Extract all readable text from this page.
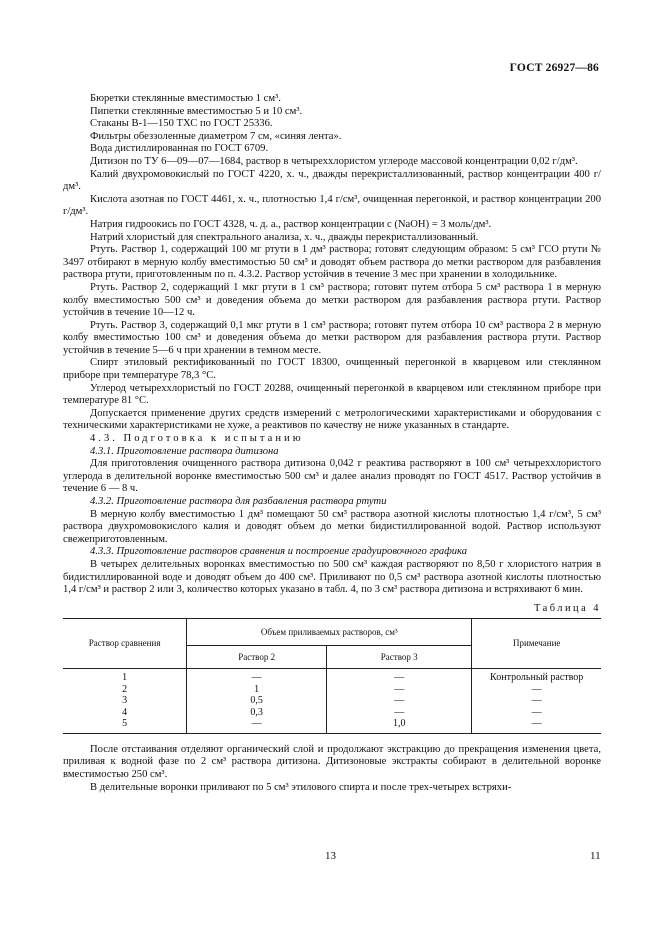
ГОСТ 26927—86

Бюретки стеклянные вместимостью 1 см³.

Пипетки стеклянные вместимостью 5 и 10 см³.

Стаканы В-1—150 ТХС по ГОСТ 25336.

Фильтры обеззоленные диаметром 7 см, «синяя лента».

Вода дистиллированная по ГОСТ 6709.

Дитизон по ТУ 6—09—07—1684, раствор в четыреххлористом углероде массовой концентрации 0,02 г/дм³.

Калий двухромовокислый по ГОСТ 4220, х. ч., дважды перекристаллизованный, раствор концентрации 400 г/дм³.

Кислота азотная по ГОСТ 4461, х. ч., плотностью 1,4 г/см³, очищенная перегонкой, и раствор концентрации 200 г/дм³.

Натрия гидроокись по ГОСТ 4328, ч. д. а., раствор концентрации с (NaOH) = 3 моль/дм³.

Натрий хлористый для спектрального анализа, х. ч., дважды перекристаллизованный.

Ртуть. Раствор 1, содержащий 100 мг ртути в 1 дм³ раствора; готовят следующим образом: 5 см³ ГСО ртути № 3497 отбирают в мерную колбу вместимостью 50 см³ и доводят объем раствора до метки раствором для разбавления раствора ртути, приготовленным по п. 4.3.2. Раствор устойчив в течение 3 мес при хранении в холодильнике.

Ртуть. Раствор 2, содержащий 1 мкг ртути в 1 см³ раствора; готовят путем отбора 5 см³ раствора 1 в мерную колбу вместимостью 500 см³ и доведения объема до метки раствором для разбавления раствора ртути. Раствор устойчив в течение 10—12 ч.

Ртуть. Раствор 3, содержащий 0,1 мкг ртути в 1 см³ раствора; готовят путем отбора 10 см³ раствора 2 в мерную колбу вместимостью 100 см³ и доведения объема до метки раствором для разбавления раствора ртути. Раствор устойчив в течение 5—6 ч при хранении в темном месте.

Спирт этиловый ректификованный по ГОСТ 18300, очищенный перегонкой в кварцевом или стеклянном приборе при температуре 78,3 °С.

Углерод четыреххлористый по ГОСТ 20288, очищенный перегонкой в кварцевом или стеклянном приборе при температуре 81 °С.

Допускается применение других средств измерений с метрологическими характеристиками и оборудования с техническими характеристиками не хуже, а реактивов по качеству не ниже указанных в стандарте.

4.3. Подготовка к испытанию

4.3.1. Приготовление раствора дитизона

Для приготовления очищенного раствора дитизона 0,042 г реактива растворяют в 100 см³ четыреххлористого углерода в делительной воронке вместимостью 500 см³ и далее анализ проводят по ГОСТ 4517. Раствор устойчив в течение 6 — 8 ч.

4.3.2. Приготовление раствора для разбавления раствора ртути

В мерную колбу вместимостью 1 дм³ помещают 50 см³ раствора азотной кислоты плотностью 1,4 г/см³, 5 см³ раствора двухромовокислого калия и доводят объем до метки бидистиллированной водой. Раствор используют свежеприготовленным.

4.3.3. Приготовление растворов сравнения и построение градуировочного графика

В четырех делительных воронках вместимостью по 500 см³ каждая растворяют по 8,50 г хлористого натрия в бидистиллированной воде и доводят объем до 400 см³. Приливают по 0,5 см³ раствора азотной кислоты плотностью 1,4 г/см³ и раствор 2 или 3, количество которых указано в табл. 4, по 3 см³ раствора дитизона и встряхивают 6 мин.

Таблица 4
Раствор сравнения	Объем приливаемых растворов, см³		Примечание
	Раствор 2	Раствор 3	
1	—	—	Контрольный раствор
2	1	—	—
3	0,5	—	—
4	0,3	—	—
5	—	1,0	—

После отстаивания отделяют органический слой и продолжают экстракцию до прекращения изменения цвета, приливая к водной фазе по 2 см³ раствора дитизона. Дитизоновые экстракты собирают в делительной воронке вместимостью 250 см³.

В делительные воронки приливают по 5 см³ этилового спирта и после трех-четырех встряхи-

13	11
